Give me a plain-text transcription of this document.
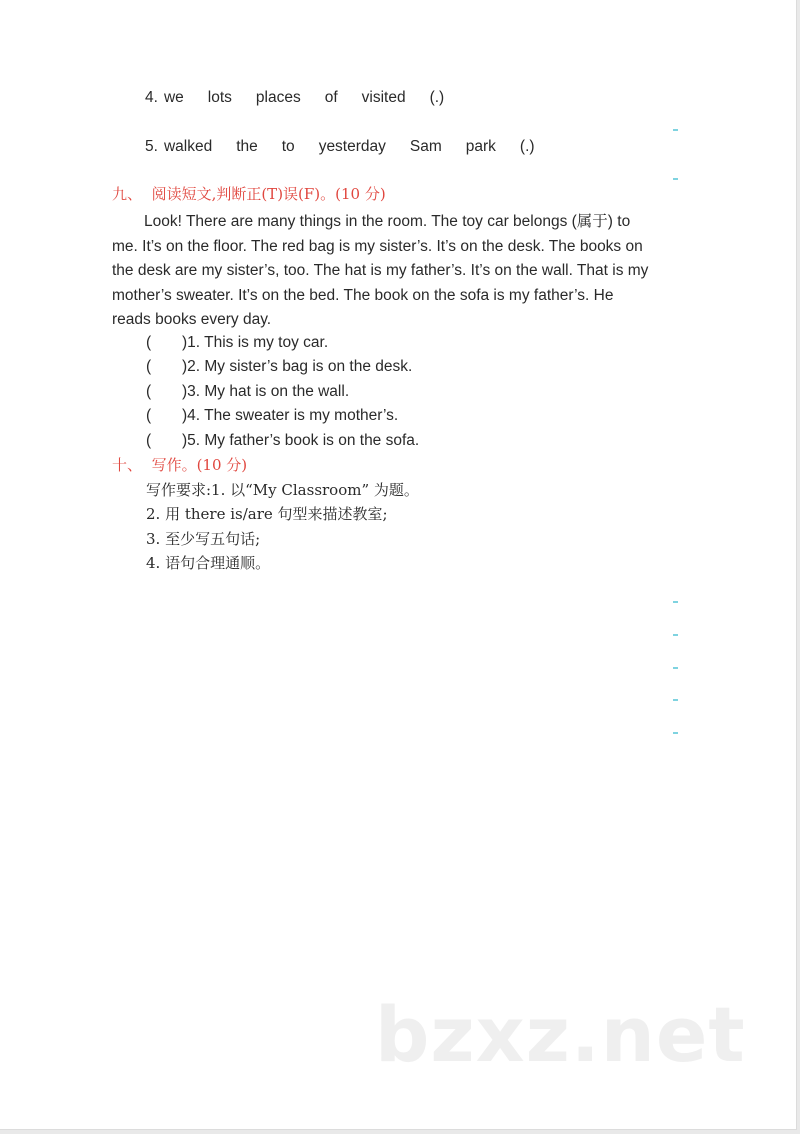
4. we lots places of visited (.)
5. walked the to yesterday Sam park (.)
九、 阅读短文,判断正(T)误(F)。(10 分)
Look! There are many things in the room. The toy car belongs (属于) to
me. It’s on the floor. The red bag is my sister’s. It’s on the desk. The books on
the desk are my sister’s, too. The hat is my father’s. It’s on the wall. That is my
mother’s sweater. It’s on the bed. The book on the sofa is my father’s. He
reads books every day.
( )1. This is my toy car.
( )2. My sister’s bag is on the desk.
( )3. My hat is on the wall.
( )4. The sweater is my mother’s.
( )5. My father’s book is on the sofa.
十、 写作。(10 分)
写作要求:1. 以“My Classroom” 为题。
2. 用 there is/are 句型来描述教室;
3. 至少写五句话;
4. 语句合理通顺。
bzxz.net
